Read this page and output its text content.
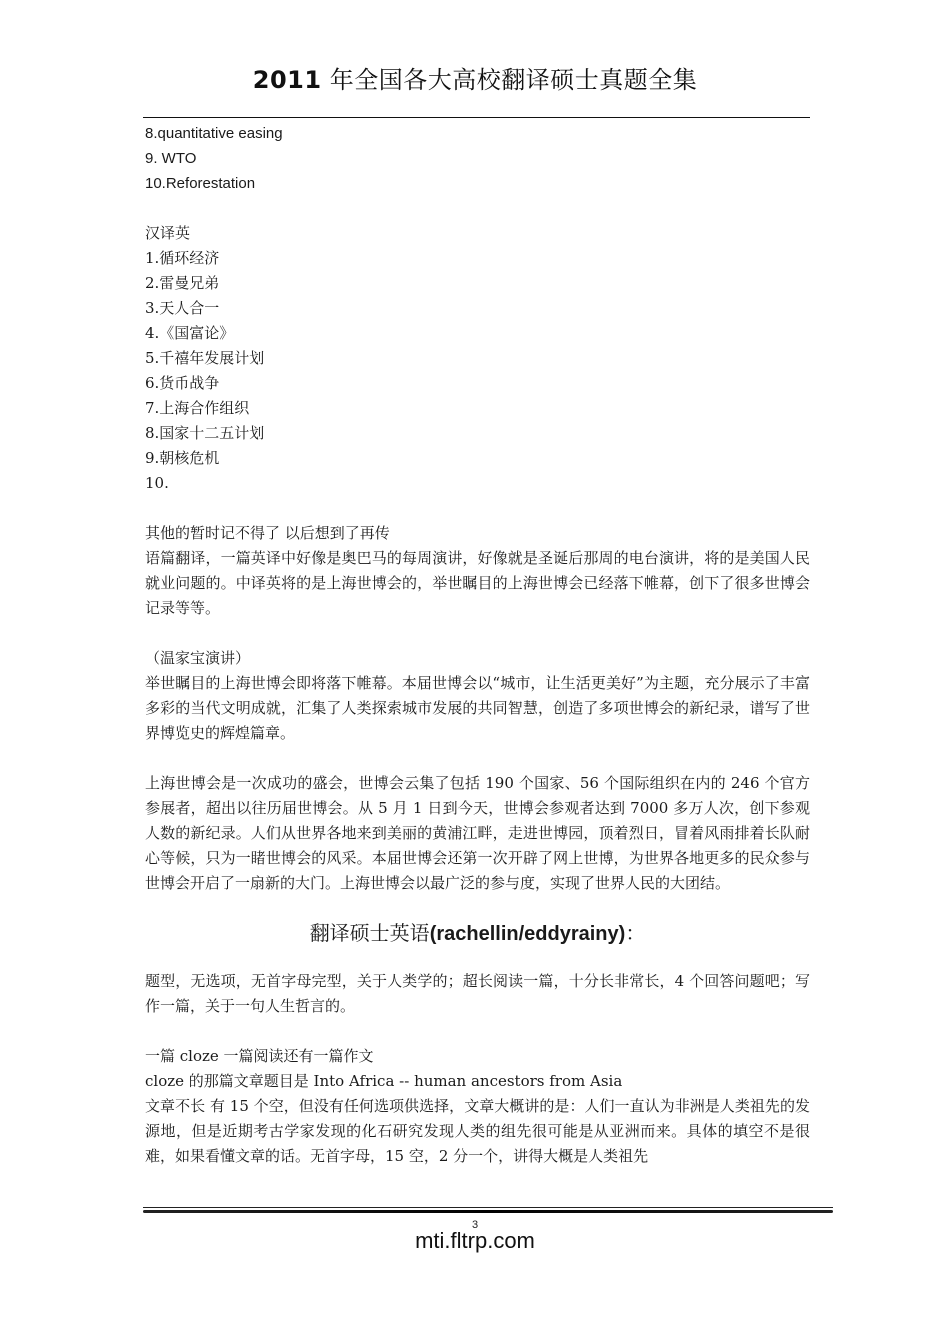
2011 年全国各大高校翻译硕士真题全集
8.quantitative easing
9. WTO
10.Reforestation
汉译英
1.循环经济
2.雷曼兄弟
3.天人合一
4.《国富论》
5.千禧年发展计划
6.货币战争
7.上海合作组织
8.国家十二五计划
9.朝核危机
10.
其他的暂时记不得了 以后想到了再传
语篇翻译，一篇英译中好像是奥巴马的每周演讲，好像就是圣诞后那周的电台演讲，将的是美国人民就业问题的。中译英将的是上海世博会的，举世瞩目的上海世博会已经落下帷幕，创下了很多世博会记录等等。
（温家宝演讲）
举世瞩目的上海世博会即将落下帷幕。本届世博会以“城市，让生活更美好”为主题，充分展示了丰富多彩的当代文明成就，汇集了人类探索城市发展的共同智慧，创造了多项世博会的新纪录，谱写了世界博览史的辉煌篇章。
上海世博会是一次成功的盛会，世博会云集了包括 190 个国家、56 个国际组织在内的 246 个官方参展者，超出以往历届世博会。从 5 月 1 日到今天，世博会参观者达到 7000 多万人次，创下参观人数的新纪录。人们从世界各地来到美丽的黄浦江畔，走进世博园，顶着烈日，冒着风雨排着长队耐心等候，只为一睹世博会的风采。本届世博会还第一次开辟了网上世博，为世界各地更多的民众参与世博会开启了一扇新的大门。上海世博会以最广泛的参与度，实现了世界人民的大团结。
翻译硕士英语(rachellin/eddyrainy)：
题型，无选项，无首字母完型，关于人类学的；超长阅读一篇，十分长非常长，4 个回答问题吧；写作一篇，关于一句人生哲言的。
一篇 cloze 一篇阅读还有一篇作文
cloze 的那篇文章题目是 Into Africa -- human ancestors from Asia
文章不长 有 15 个空，但没有任何选项供选择，文章大概讲的是：人们一直认为非洲是人类祖先的发源地，但是近期考古学家发现的化石研究发现人类的组先很可能是从亚洲而来。具体的填空不是很难，如果看懂文章的话。无首字母，15 空，2 分一个，讲得大概是人类祖先
3
mti.fltrp.com
